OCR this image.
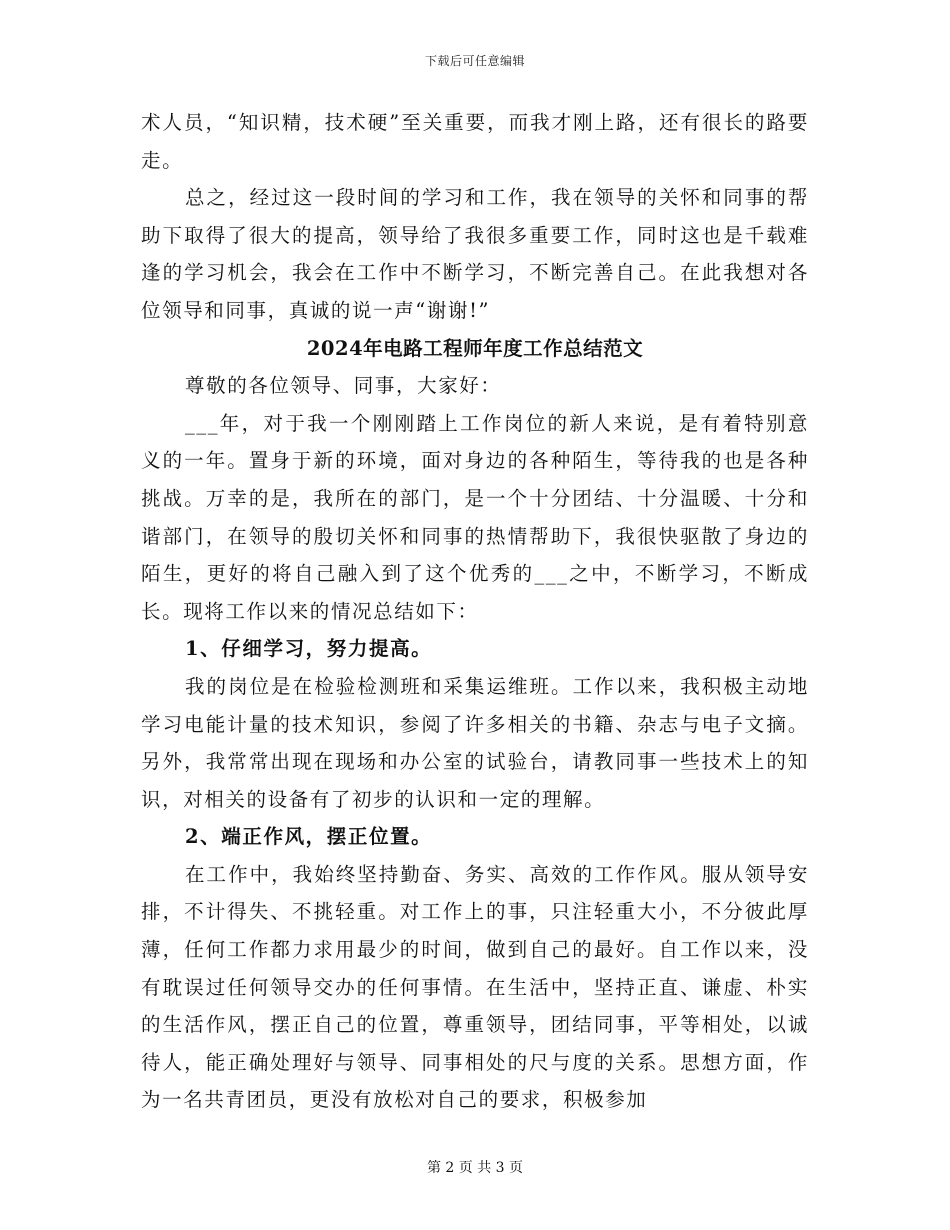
下载后可任意编辑

术人员，“知识精，技术硬”至关重要，而我才刚上路，还有很长的路要走。

总之，经过这一段时间的学习和工作，我在领导的关怀和同事的帮助下取得了很大的提高，领导给了我很多重要工作，同时这也是千载难逢的学习机会，我会在工作中不断学习，不断完善自己。在此我想对各位领导和同事，真诚的说一声“谢谢!”

2024年电路工程师年度工作总结范文

尊敬的各位领导、同事，大家好：

___年，对于我一个刚刚踏上工作岗位的新人来说，是有着特别意义的一年。置身于新的环境，面对身边的各种陌生，等待我的也是各种挑战。万幸的是，我所在的部门，是一个十分团结、十分温暖、十分和谐部门，在领导的殷切关怀和同事的热情帮助下，我很快驱散了身边的陌生，更好的将自己融入到了这个优秀的___之中，不断学习，不断成长。现将工作以来的情况总结如下：

1、仔细学习，努力提高。

我的岗位是在检验检测班和采集运维班。工作以来，我积极主动地学习电能计量的技术知识，参阅了许多相关的书籍、杂志与电子文摘。另外，我常常出现在现场和办公室的试验台，请教同事一些技术上的知识，对相关的设备有了初步的认识和一定的理解。

2、端正作风，摆正位置。

在工作中，我始终坚持勤奋、务实、高效的工作作风。服从领导安排，不计得失、不挑轻重。对工作上的事，只注轻重大小，不分彼此厚薄，任何工作都力求用最少的时间，做到自己的最好。自工作以来，没有耽误过任何领导交办的任何事情。在生活中，坚持正直、谦虚、朴实的生活作风，摆正自己的位置，尊重领导，团结同事，平等相处，以诚待人，能正确处理好与领导、同事相处的尺与度的关系。思想方面，作为一名共青团员，更没有放松对自己的要求，积极参加

第 2 页 共 3 页
